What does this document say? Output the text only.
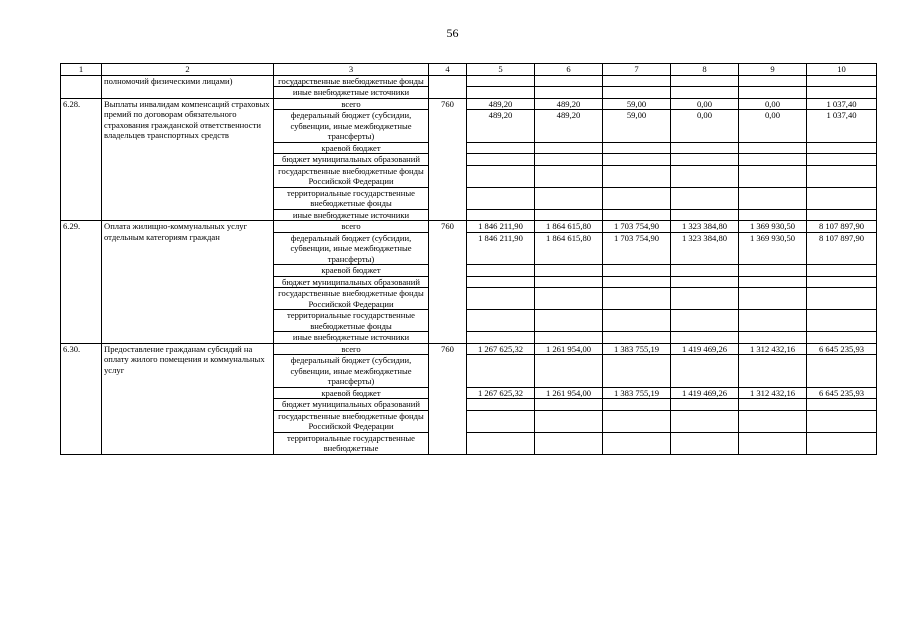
56
1	2	3	4	5	6	7	8	9	10
	полномочий физическими лицами)	государственные внебюджетные фонды							
		иные внебюджетные источники							
6.28.	Выплаты инвалидам компенсаций страховых премий по договорам обязательного страхования гражданской ответственности владельцев транспортных средств	всего	760	489,20	489,20	59,00	0,00	0,00	1 037,40
		федеральный бюджет (субсидии, субвенции, иные межбюджетные трансферты)		489,20	489,20	59,00	0,00	0,00	1 037,40
		краевой бюджет							
		бюджет муниципальных образований							
		государственные внебюджетные фонды Российской Федерации							
		территориальные государственные внебюджетные фонды							
		иные внебюджетные источники							
6.29.	Оплата жилищно-коммунальных услуг отдельным категориям граждан	всего	760	1 846 211,90	1 864 615,80	1 703 754,90	1 323 384,80	1 369 930,50	8 107 897,90
		федеральный бюджет (субсидии, субвенции, иные межбюджетные трансферты)		1 846 211,90	1 864 615,80	1 703 754,90	1 323 384,80	1 369 930,50	8 107 897,90
		краевой бюджет							
		бюджет муниципальных образований							
		государственные внебюджетные фонды Российской Федерации							
		территориальные государственные внебюджетные фонды							
		иные внебюджетные источники							
6.30.	Предоставление гражданам субсидий на оплату жилого помещения и коммунальных услуг	всего	760	1 267 625,32	1 261 954,00	1 383 755,19	1 419 469,26	1 312 432,16	6 645 235,93
		федеральный бюджет (субсидии, субвенции, иные межбюджетные трансферты)							
		краевой бюджет		1 267 625,32	1 261 954,00	1 383 755,19	1 419 469,26	1 312 432,16	6 645 235,93
		бюджет муниципальных образований							
		государственные внебюджетные фонды Российской Федерации							
		территориальные государственные внебюджетные							
